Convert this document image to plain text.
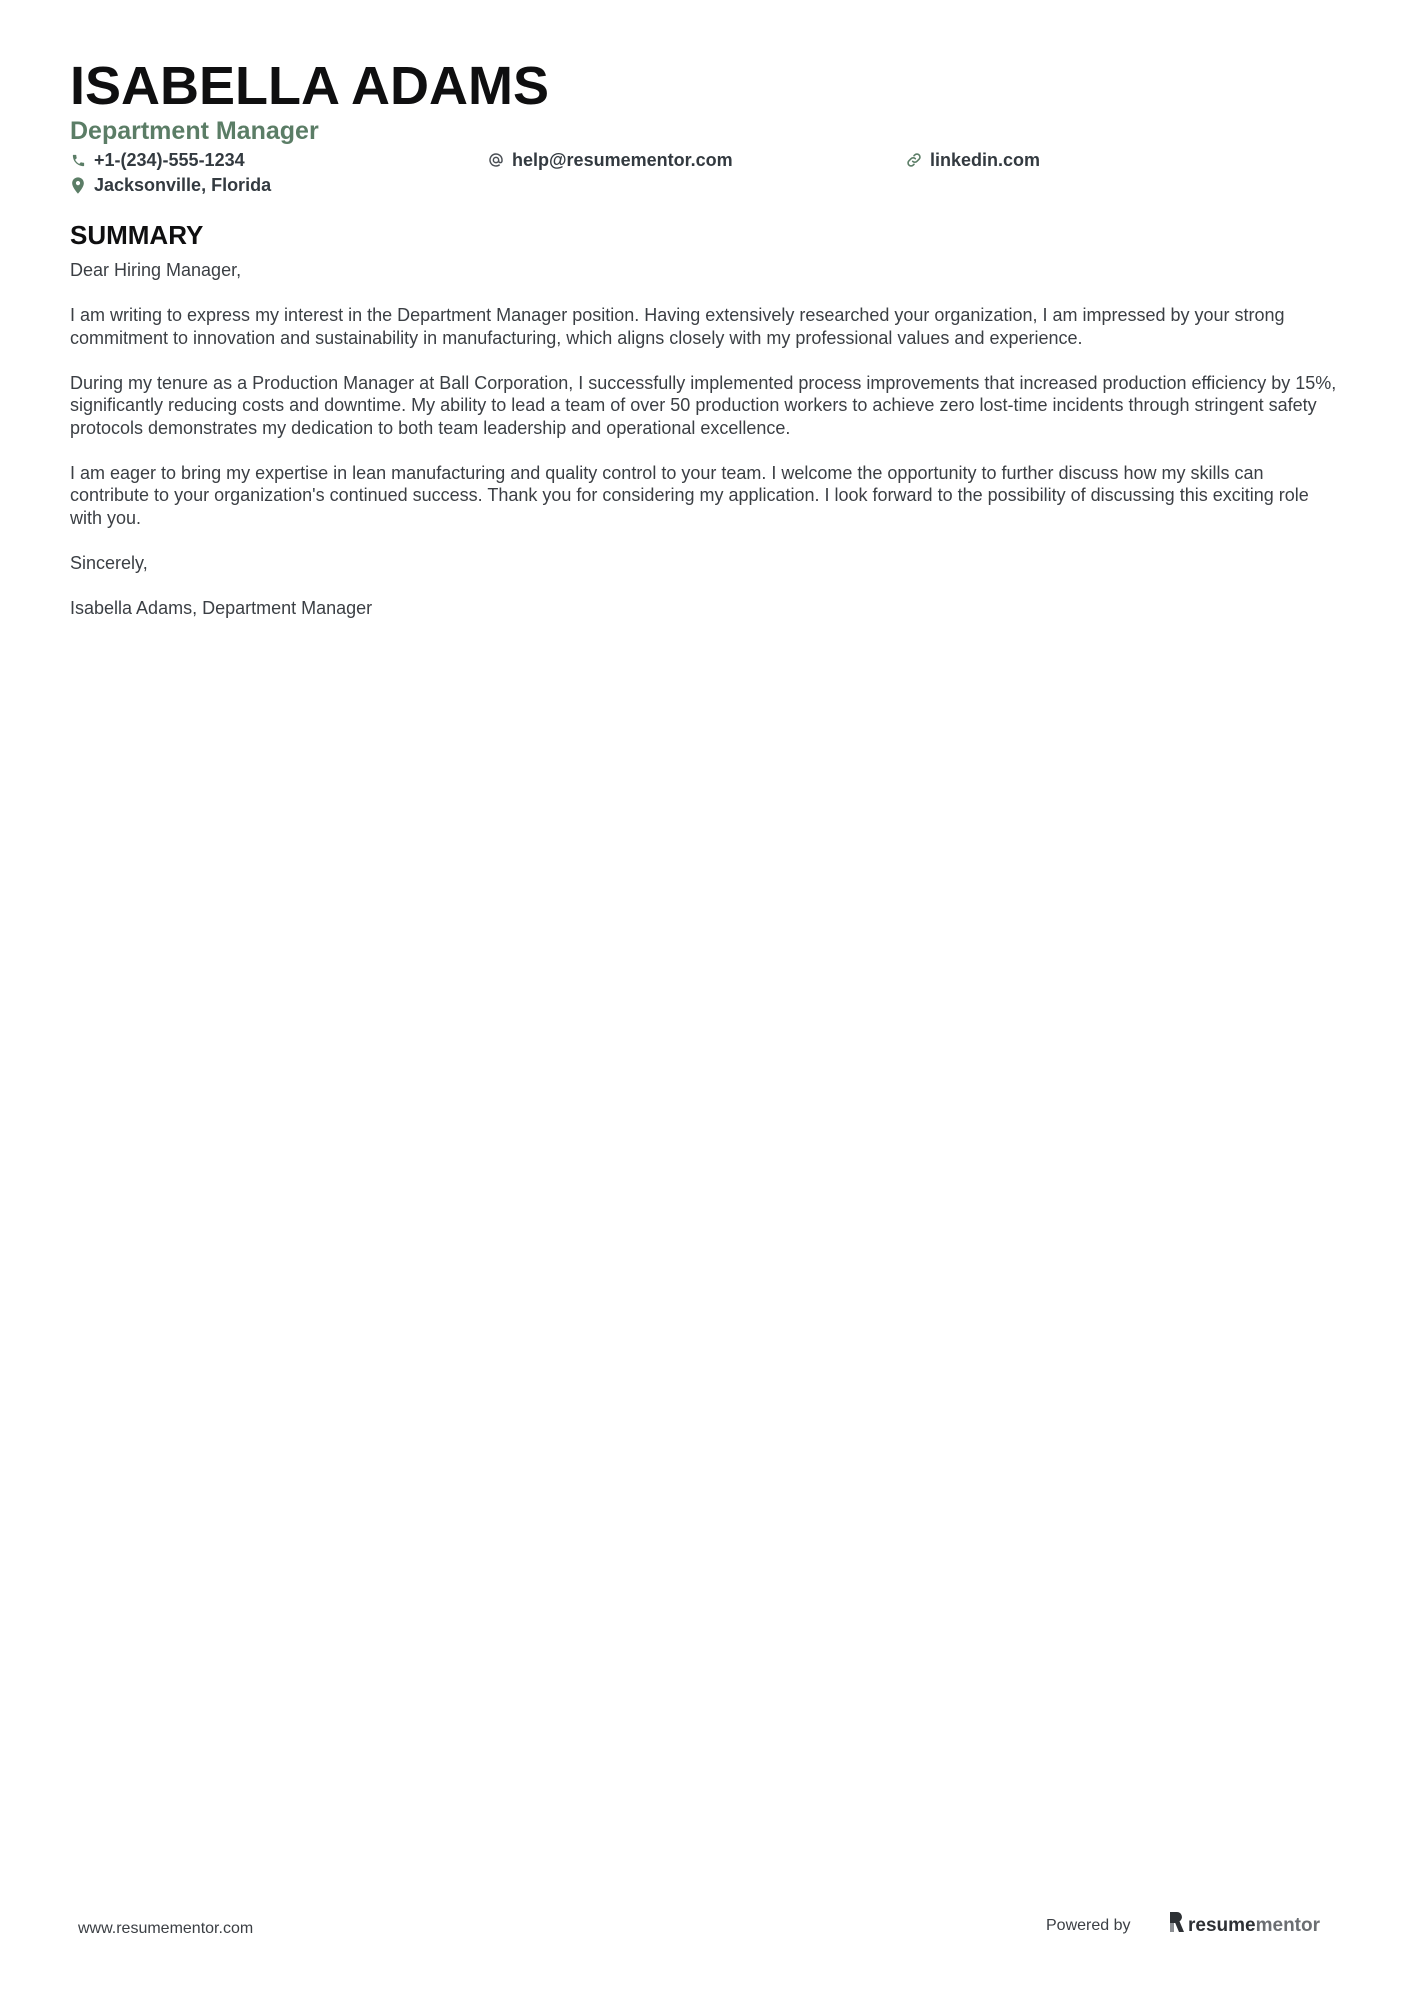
ISABELLA ADAMS
Department Manager
+1-(234)-555-1234	help@resumementor.com	linkedin.com
Jacksonville, Florida
SUMMARY

Dear Hiring Manager,

I am writing to express my interest in the Department Manager position. Having extensively researched your organization, I am impressed by your strong commitment to innovation and sustainability in manufacturing, which aligns closely with my professional values and experience.

During my tenure as a Production Manager at Ball Corporation, I successfully implemented process improvements that increased production efficiency by 15%, significantly reducing costs and downtime. My ability to lead a team of over 50 production workers to achieve zero lost-time incidents through stringent safety protocols demonstrates my dedication to both team leadership and operational excellence.

I am eager to bring my expertise in lean manufacturing and quality control to your team. I welcome the opportunity to further discuss how my skills can contribute to your organization's continued success. Thank you for considering my application. I look forward to the possibility of discussing this exciting role with you.

Sincerely,

Isabella Adams, Department Manager

www.resumementor.com	Powered by	resumementor
